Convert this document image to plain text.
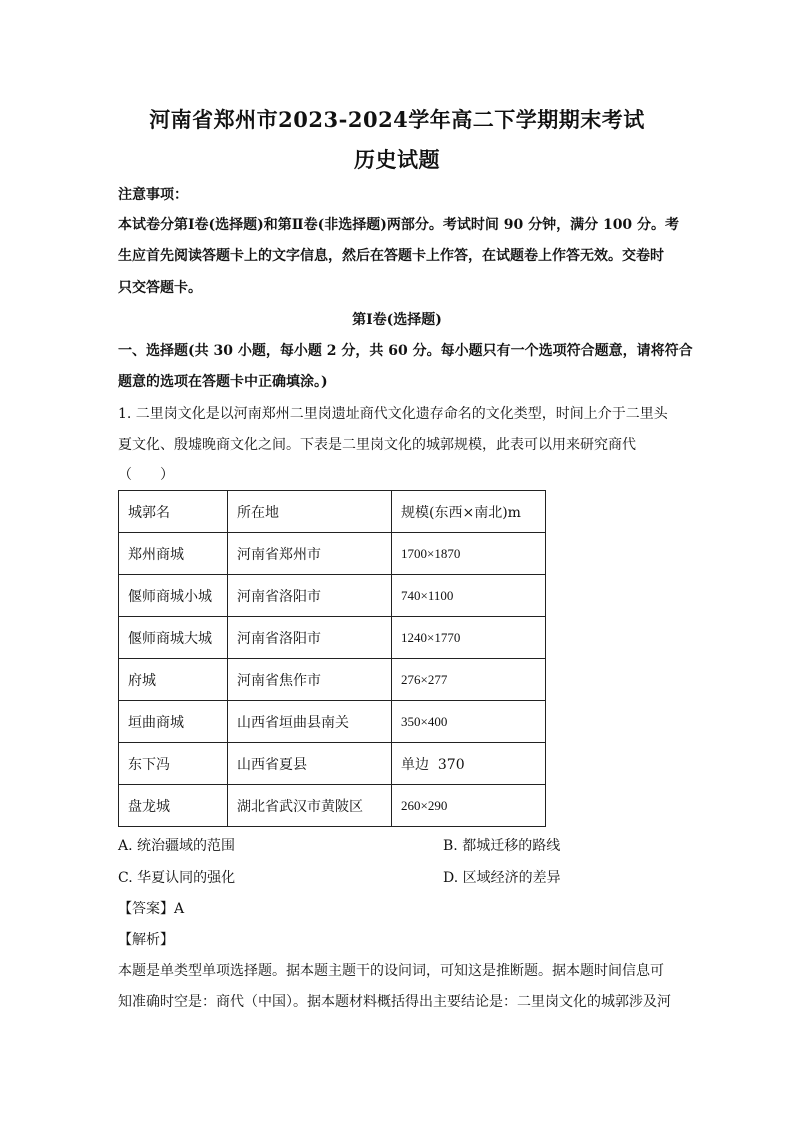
河南省郑州市2023-2024学年高二下学期期末考试
历史试题
注意事项：
本试卷分第Ⅰ卷(选择题)和第Ⅱ卷(非选择题)两部分。考试时间 90 分钟，满分 100 分。考
生应首先阅读答题卡上的文字信息，然后在答题卡上作答，在试题卷上作答无效。交卷时
只交答题卡。
第Ⅰ卷(选择题)
一、选择题(共 30 小题，每小题 2 分，共 60 分。每小题只有一个选项符合题意，请将符合
题意的选项在答题卡中正确填涂。)
1. 二里岗文化是以河南郑州二里岗遗址商代文化遗存命名的文化类型，时间上介于二里头
夏文化、殷墟晚商文化之间。下表是二里岗文化的城郭规模，此表可以用来研究商代
（　　）
城郭名	所在地	规模(东西×南北)m
郑州商城	河南省郑州市	1700×1870
偃师商城小城	河南省洛阳市	740×1100
偃师商城大城	河南省洛阳市	1240×1770
府城	河南省焦作市	276×277
垣曲商城	山西省垣曲县南关	350×400
东下冯	山西省夏县	单边  370
盘龙城	湖北省武汉市黄陂区	260×290
A. 统治疆域的范围	B. 都城迁移的路线
C. 华夏认同的强化	D. 区域经济的差异
【答案】A
【解析】
本题是单类型单项选择题。据本题主题干的设问词，可知这是推断题。据本题时间信息可
知准确时空是：商代（中国）。据本题材料概括得出主要结论是：二里岗文化的城郭涉及河
